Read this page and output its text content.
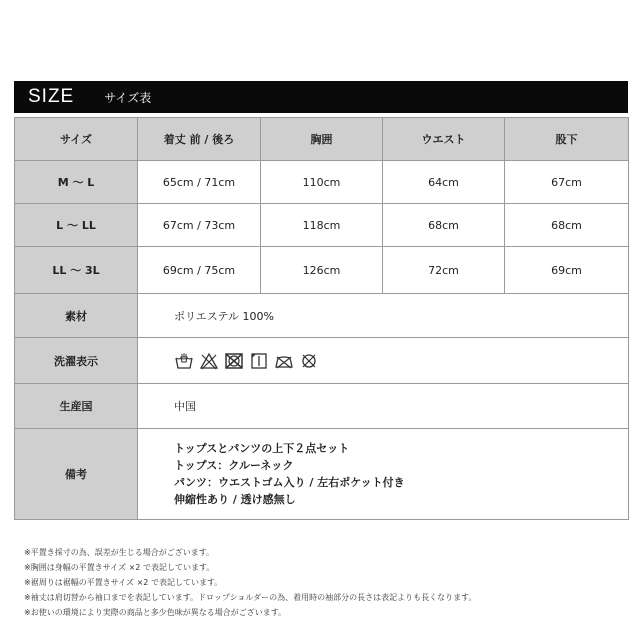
SIZE	サイズ表
サイズ	着丈 前 / 後ろ	胸囲	ウエスト	股下
M ～ L	65cm / 71cm	110cm	64cm	67cm
L ～ LL	67cm / 73cm	118cm	68cm	68cm
LL ～ 3L	69cm / 75cm	126cm	72cm	69cm
素材	ポリエステル 100%			
洗濯表示	

生産国	中国			
備考	トップスとパンツの上下２点セット
トップス：クルーネック
パンツ：ウエストゴム入り / 左右ポケット付き
伸縮性あり / 透け感無し			
※平置き採寸の為、誤差が生じる場合がございます。
※胸囲は身幅の平置きサイズ ×2 で表記しています。
※裾周りは裾幅の平置きサイズ ×2 で表記しています。
※袖丈は肩切替から袖口までを表記しています。ドロップショルダーの為、着用時の袖部分の長さは表記よりも長くなります。
※お使いの環境により実際の商品と多少色味が異なる場合がございます。
